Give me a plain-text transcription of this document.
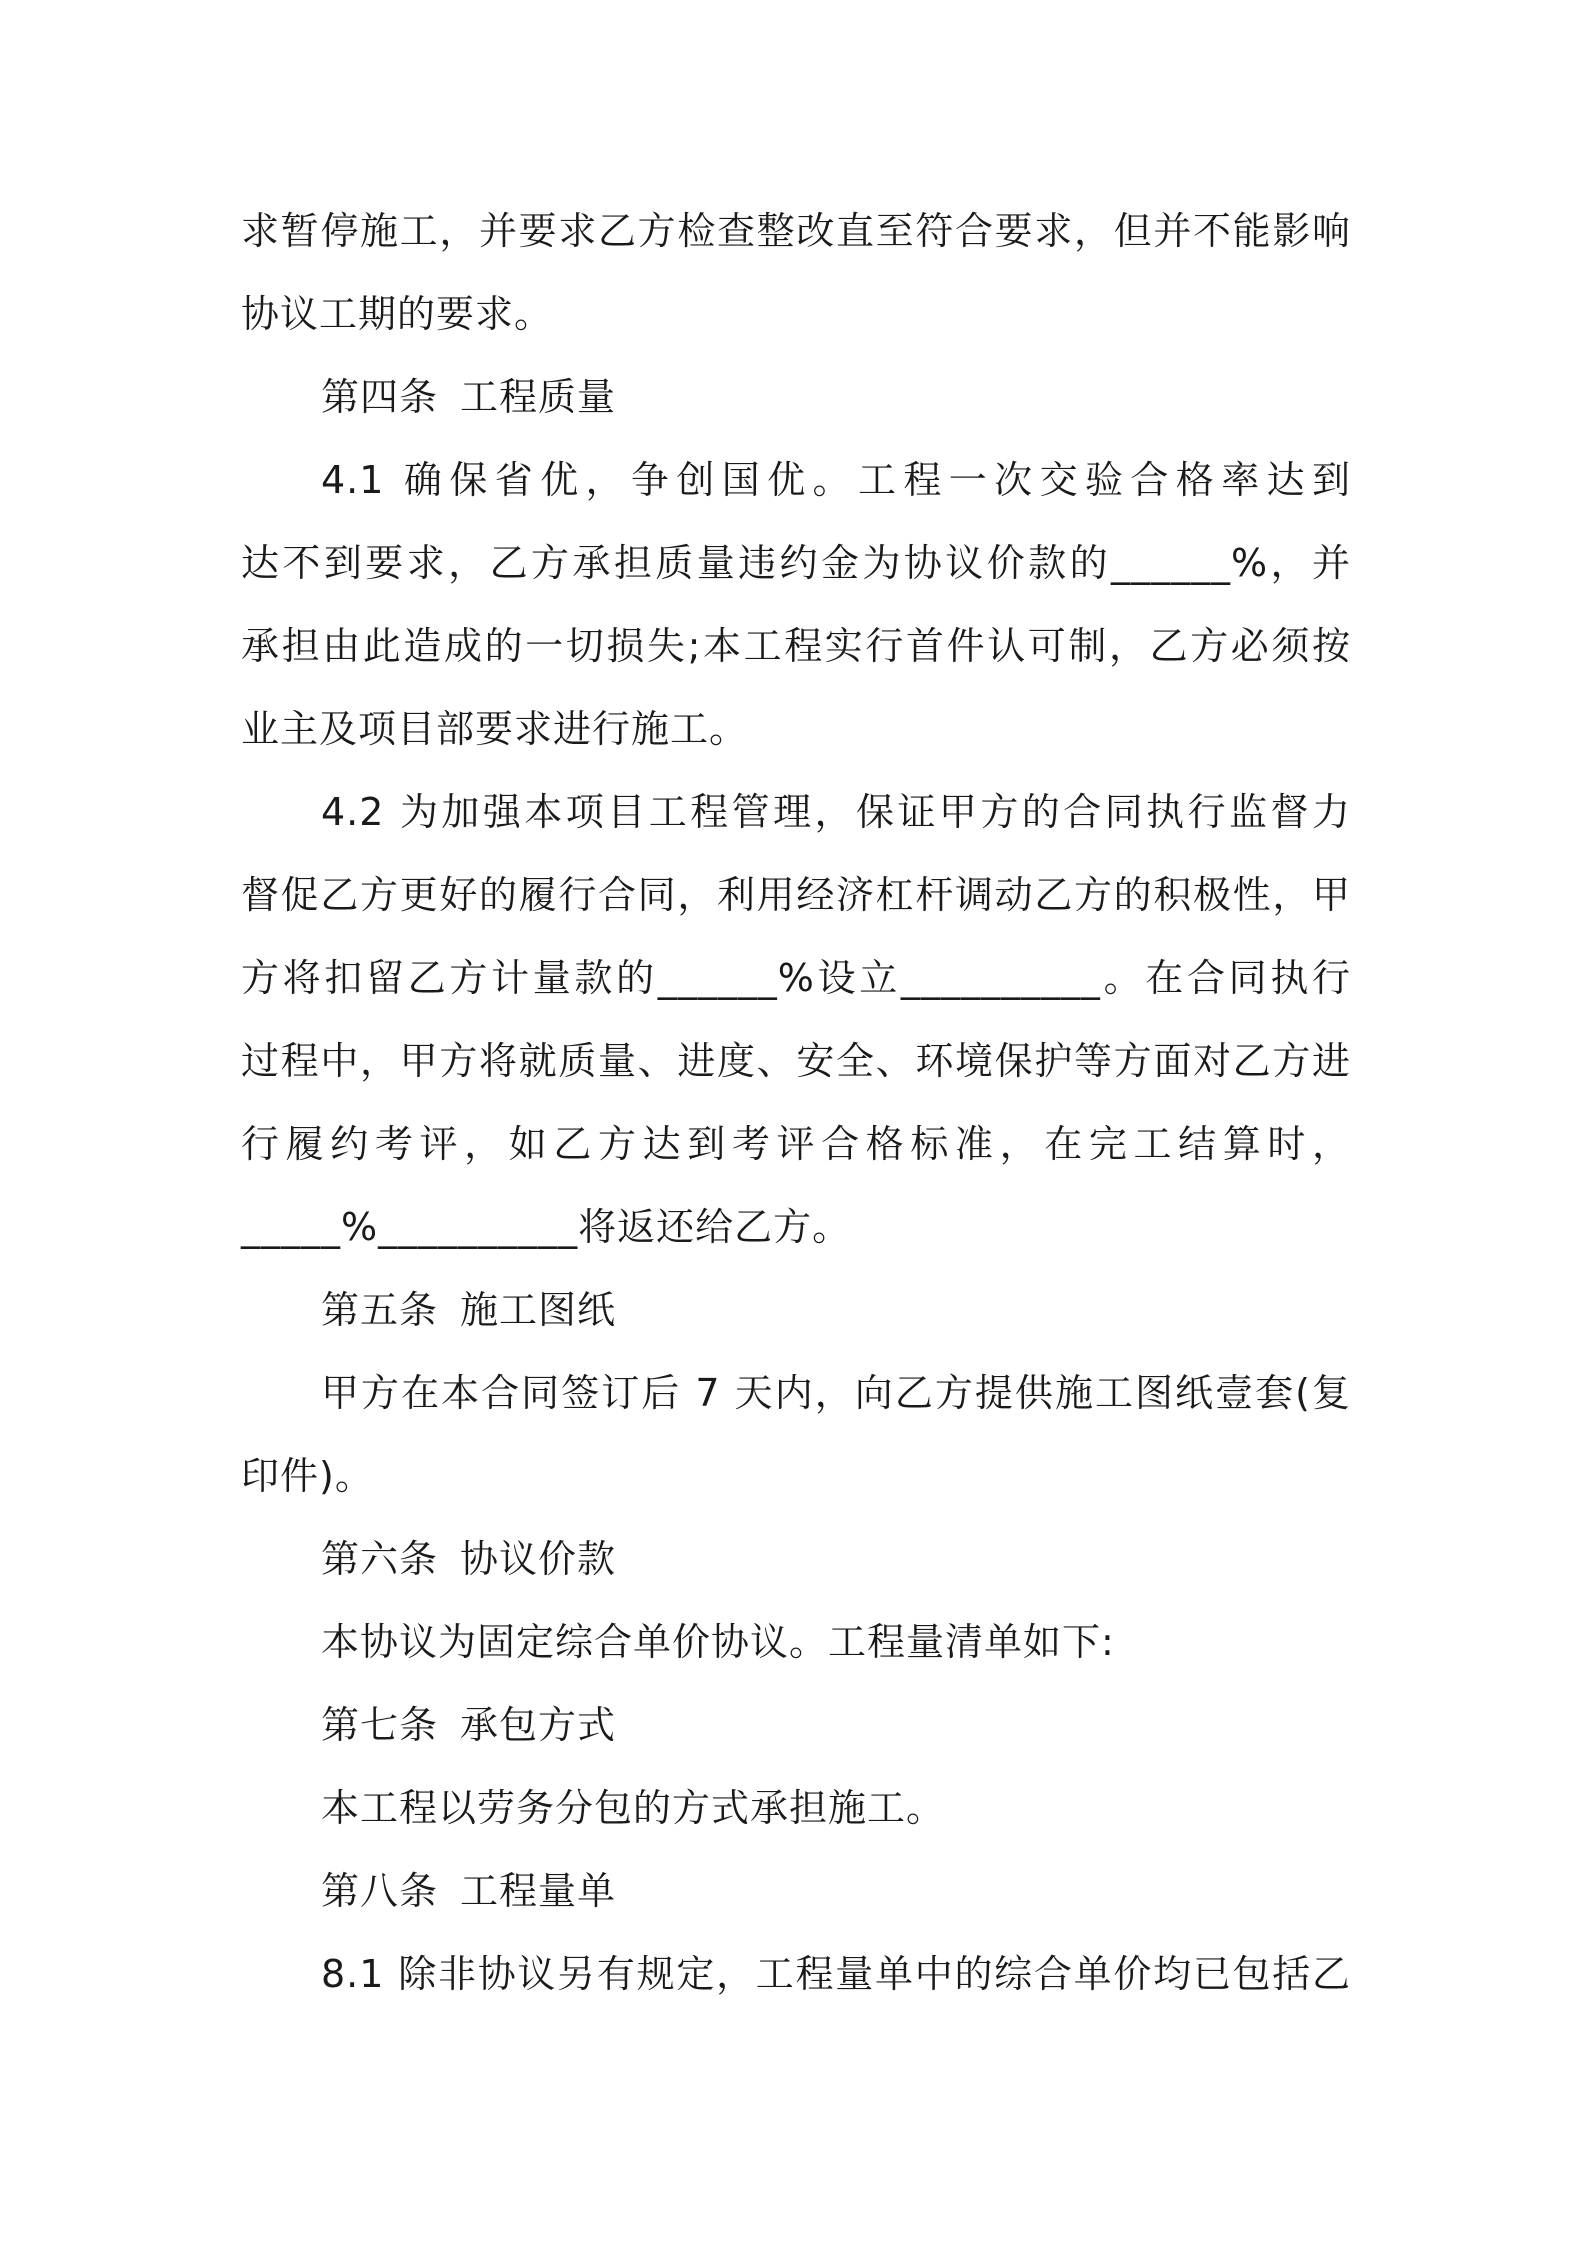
求暂停施工，并要求乙方检查整改直至符合要求，但并不能影响
协议工期的要求。
第四条 工程质量
4.1 确保省优，争创国优。工程一次交验合格率达到
达不到要求，乙方承担质量违约金为协议价款的______%，并
承担由此造成的一切损失;本工程实行首件认可制，乙方必须按
业主及项目部要求进行施工。
4.2 为加强本项目工程管理，保证甲方的合同执行监督力
督促乙方更好的履行合同，利用经济杠杆调动乙方的积极性，甲
方将扣留乙方计量款的______%设立__________。在合同执行
过程中，甲方将就质量、进度、安全、环境保护等方面对乙方进
行履约考评，如乙方达到考评合格标准，在完工结算时，
_____%__________将返还给乙方。
第五条 施工图纸
甲方在本合同签订后 7 天内，向乙方提供施工图纸壹套(复
印件)。
第六条 协议价款
本协议为固定综合单价协议。工程量清单如下:
第七条 承包方式
本工程以劳务分包的方式承担施工。
第八条 工程量单
8.1 除非协议另有规定，工程量单中的综合单价均已包括乙
